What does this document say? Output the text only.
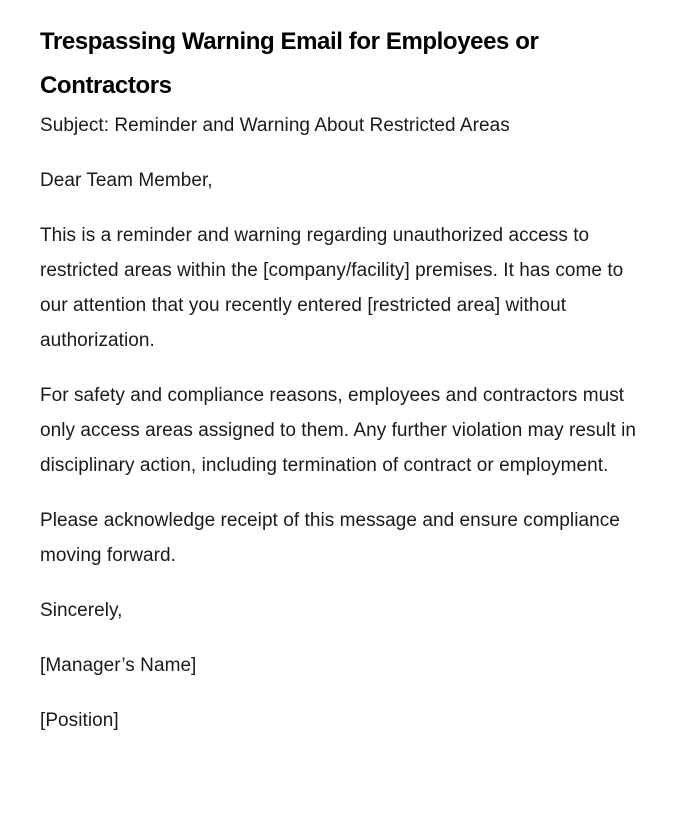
Trespassing Warning Email for Employees or Contractors

Subject: Reminder and Warning About Restricted Areas

Dear Team Member,

This is a reminder and warning regarding unauthorized access to restricted areas within the [company/facility] premises. It has come to our attention that you recently entered [restricted area] without authorization.

For safety and compliance reasons, employees and contractors must only access areas assigned to them. Any further violation may result in disciplinary action, including termination of contract or employment.

Please acknowledge receipt of this message and ensure compliance moving forward.

Sincerely,

[Manager’s Name]

[Position]
